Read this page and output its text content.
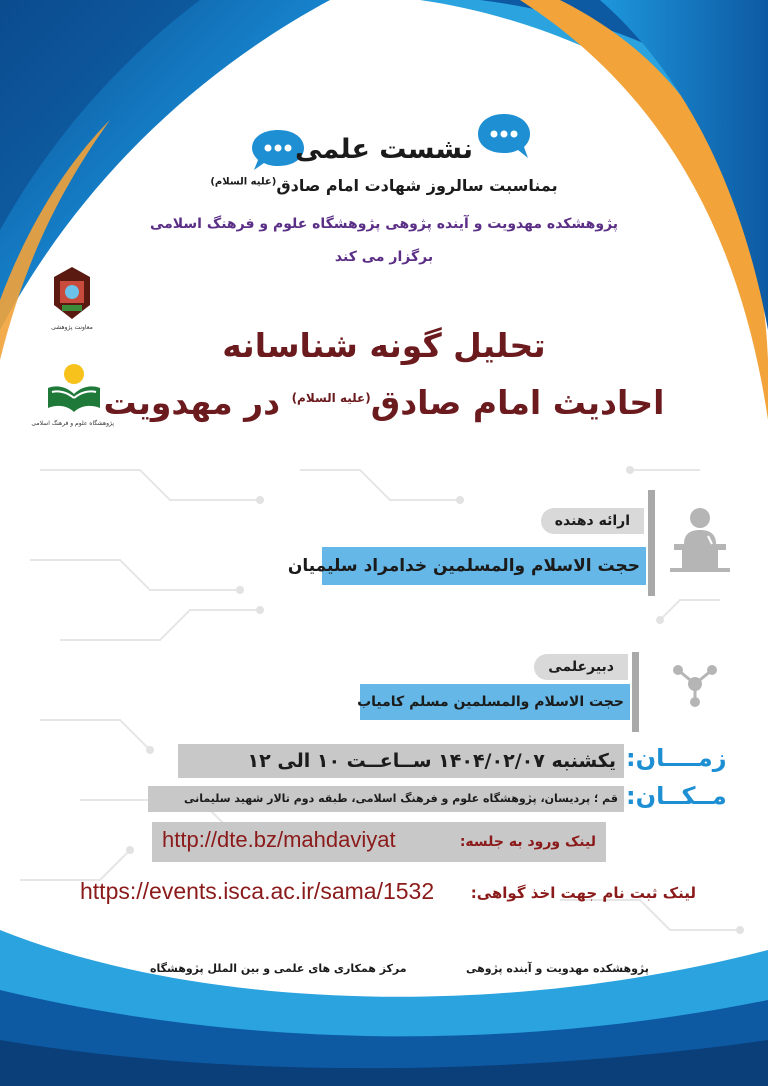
نشست علمی
بمناسبت سالروز شهادت امام صادق$^{(علیه السلام)}$
پژوهشکده مهدویت و آینده پژوهی پژوهشگاه علوم و فرهنگ اسلامی
برگزار می کند
معاونت پژوهشی
پژوهشگاه علوم و فرهنگ اسلامی
تحلیل گونه شناسانه
احادیث امام صادق$^{(علیه السلام)}$ در مهدویت
ارائه دهنده
حجت الاسلام والمسلمین خدامراد سلیمیان
دبیرعلمی
حجت الاسلام والمسلمین مسلم کامیاب
زمــــان:
یکشنبه ۱۴۰۴/۰۲/۰۷ ســاعــت ۱۰ الی ۱۲
مــکــان:
قم ؛ پردیسان، پژوهشگاه علوم و فرهنگ اسلامی، طبقه دوم تالار شهید سلیمانی
لینک ورود به جلسه:
http://dte.bz/mahdaviyat
لینک ثبت نام جهت اخذ گواهی:
https://events.isca.ac.ir/sama/1532
پژوهشکده مهدویت و آینده پژوهی
مرکز همکاری های علمی و بین الملل پژوهشگاه
